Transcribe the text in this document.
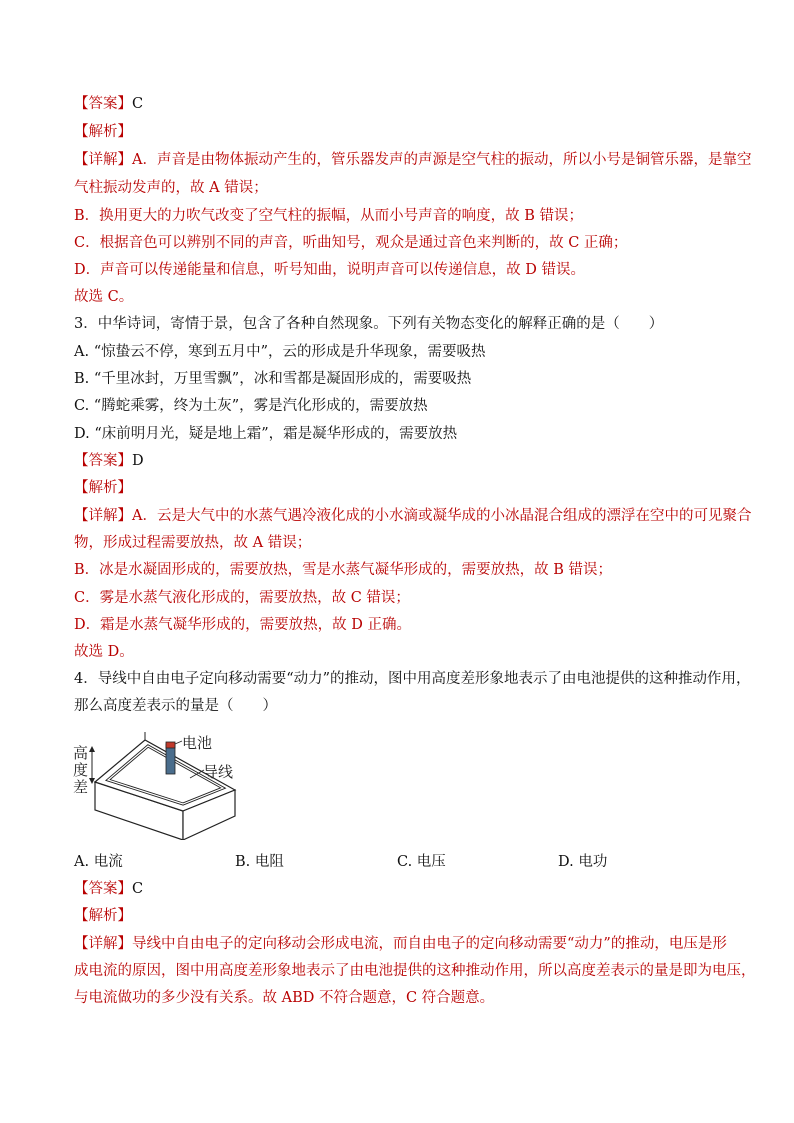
【答案】C
【解析】
【详解】A．声音是由物体振动产生的，管乐器发声的声源是空气柱的振动，所以小号是铜管乐器，是靠空
气柱振动发声的，故 A 错误；
B．换用更大的力吹气改变了空气柱的振幅，从而小号声音的响度，故 B 错误；
C．根据音色可以辨别不同的声音，听曲知号，观众是通过音色来判断的，故 C 正确；
D．声音可以传递能量和信息，听号知曲，说明声音可以传递信息，故 D 错误。
故选 C。
3．中华诗词，寄情于景，包含了各种自然现象。下列有关物态变化的解释正确的是（　　）
A. “惊蛰云不停，寒到五月中”，云的形成是升华现象，需要吸热
B. “千里冰封，万里雪飘”，冰和雪都是凝固形成的，需要吸热
C. “腾蛇乘雾，终为土灰”，雾是汽化形成的，需要放热
D. “床前明月光，疑是地上霜”，霜是凝华形成的，需要放热
【答案】D
【解析】
【详解】A．云是大气中的水蒸气遇冷液化成的小水滴或凝华成的小冰晶混合组成的漂浮在空中的可见聚合
物，形成过程需要放热，故 A 错误；
B．冰是水凝固形成的，需要放热，雪是水蒸气凝华形成的，需要放热，故 B 错误；
C．雾是水蒸气液化形成的，需要放热，故 C 错误；
D．霜是水蒸气凝华形成的，需要放热，故 D 正确。
故选 D。
4．导线中自由电子定向移动需要“动力”的推动，图中用高度差形象地表示了由电池提供的这种推动作用，
那么高度差表示的量是（　　）
高
度
差
电池
导线
A. 电流	B. 电阻	C. 电压	D. 电功
【答案】C
【解析】
【详解】导线中自由电子的定向移动会形成电流，而自由电子的定向移动需要“动力”的推动，电压是形
成电流的原因，图中用高度差形象地表示了由电池提供的这种推动作用，所以高度差表示的量是即为电压，
与电流做功的多少没有关系。故 ABD 不符合题意，C 符合题意。
